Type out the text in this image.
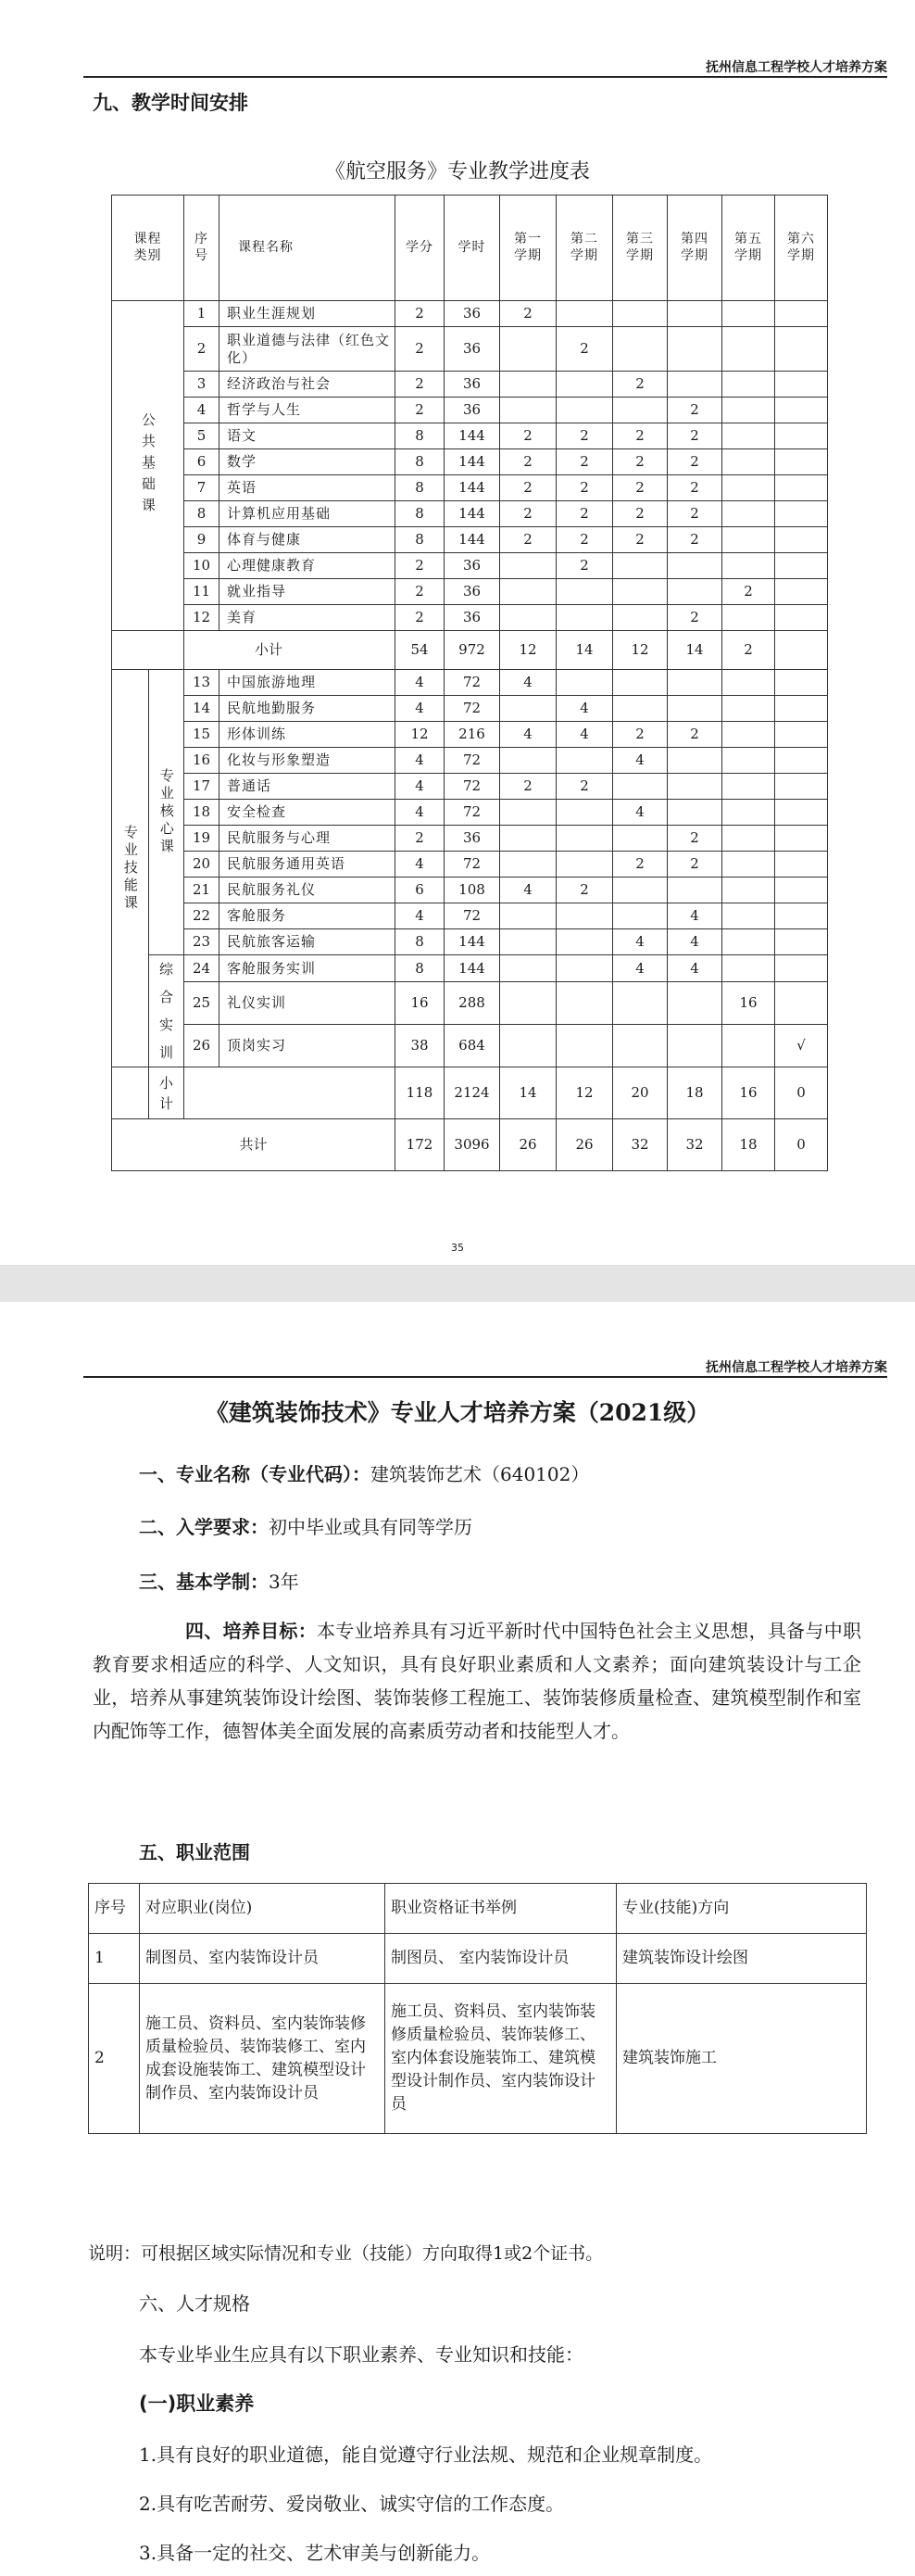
抚州信息工程学校人才培养方案
九、教学时间安排
《航空服务》专业教学进度表
课程类别		序号	课程名称	学分	学时	第一学期	第二学期	第三学期	第四学期	第五学期	第六学期
公共基础课		1	职业生涯规划	2	36	2					
		2	职业道德与法律（红色文化）	2	36		2				
		3	经济政治与社会	2	36			2			
		4	哲学与人生	2	36				2		
		5	语文	8	144	2	2	2	2		
		6	数学	8	144	2	2	2	2		
		7	英语	8	144	2	2	2	2		
		8	计算机应用基础	8	144	2	2	2	2		
		9	体育与健康	8	144	2	2	2	2		
		10	心理健康教育	2	36		2				
		11	就业指导	2	36					2	
		12	美育	2	36				2		
		小计		54	972	12	14	12	14	2	
专业技能课	专业核心课	13	中国旅游地理	4	72	4					
		14	民航地勤服务	4	72		4				
		15	形体训练	12	216	4	4	2	2		
		16	化妆与形象塑造	4	72			4			
		17	普通话	4	72	2	2				
		18	安全检查	4	72			4			
		19	民航服务与心理	2	36				2		
		20	民航服务通用英语	4	72			2	2		
		21	民航服务礼仪	6	108	4	2				
		22	客舱服务	4	72				4		
		23	民航旅客运输	8	144			4	4		
	综
合
实
训	24	客舱服务实训	8	144			4	4		
		25	礼仪实训	16	288					16	
		26	顶岗实习	38	684						√
	小
计			118	2124	14	12	20	18	16	0
共计				172	3096	26	26	32	32	18	0
35
抚州信息工程学校人才培养方案
《建筑装饰技术》专业人才培养方案（2021级）
一、专业名称（专业代码）：建筑装饰艺术（640102）
二、入学要求：初中毕业或具有同等学历
三、基本学制：3年
四、培养目标：本专业培养具有习近平新时代中国特色社会主义思想，具备与中职教育要求相适应的科学、人文知识，具有良好职业素质和人文素养；面向建筑装设计与工企业，培养从事建筑装饰设计绘图、装饰装修工程施工、装饰装修质量检查、建筑模型制作和室内配饰等工作，德智体美全面发展的高素质劳动者和技能型人才。
五、职业范围
序号	对应职业(岗位)	职业资格证书举例	专业(技能)方向
1	制图员、室内装饰设计员	制图员、 室内装饰设计员	建筑装饰设计绘图
2	施工员、资料员、室内装饰装修质量检验员、装饰装修工、室内成套设施装饰工、建筑模型设计制作员、室内装饰设计员	施工员、资料员、室内装饰装修质量检验员、装饰装修工、室内体套设施装饰工、建筑模型设计制作员、室内装饰设计员	建筑装饰施工
说明：可根据区域实际情况和专业（技能）方向取得1或2个证书。
六、人才规格
本专业毕业生应具有以下职业素养、专业知识和技能：
(一)职业素养
1.具有良好的职业道德，能自觉遵守行业法规、规范和企业规章制度。
2.具有吃苦耐劳、爱岗敬业、诚实守信的工作态度。
3.具备一定的社交、艺术审美与创新能力。
